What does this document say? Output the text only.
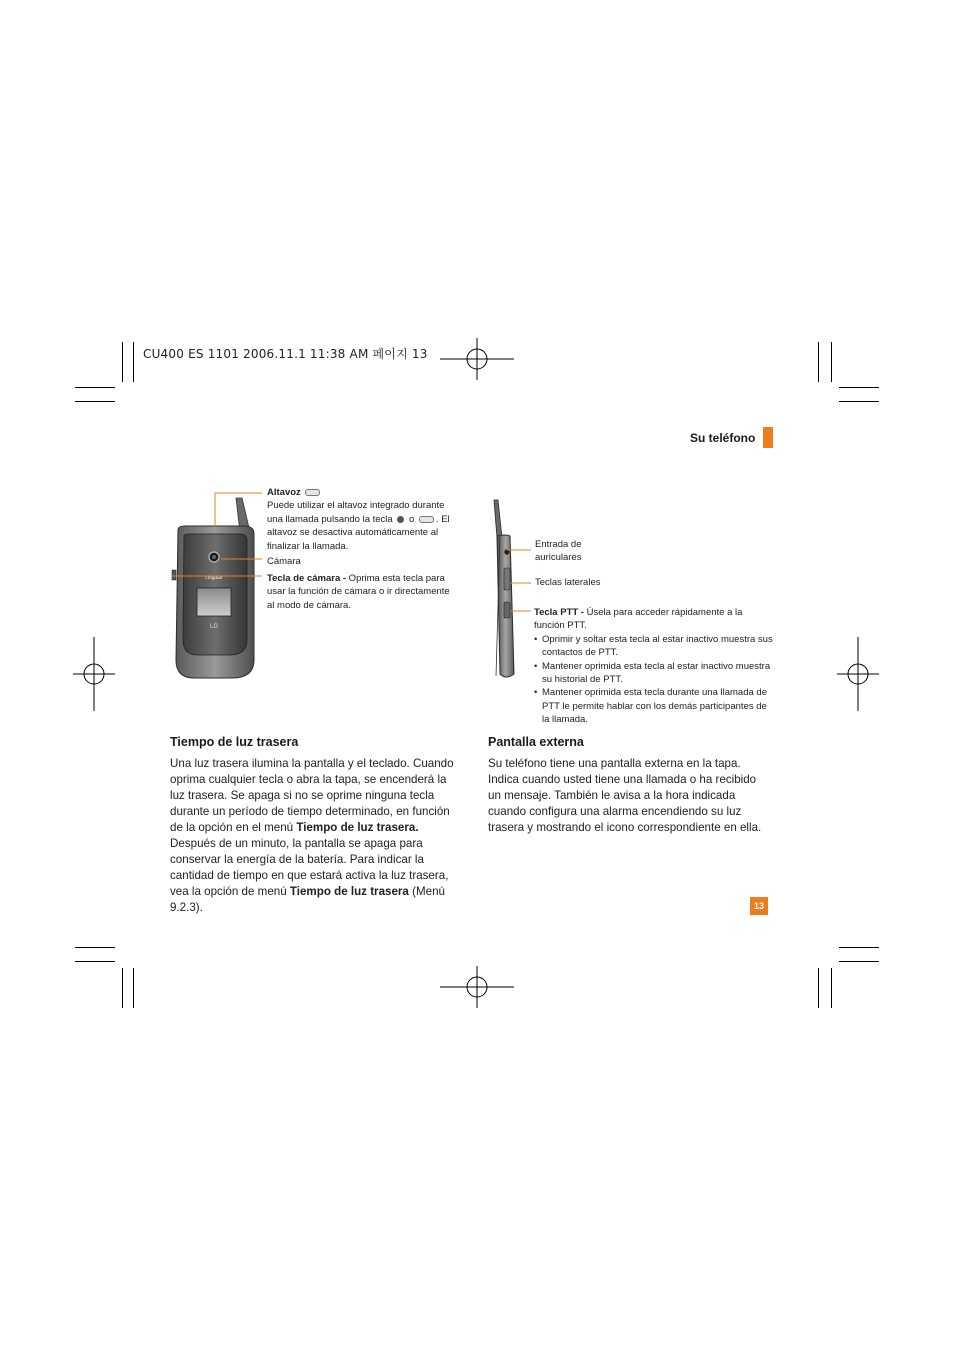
CU400 ES 1101 2006.11.1 11:38 AM 페이지 13
Su teléfono
cingular
LG
Altavoz
Puede utilizar el altavoz integrado durante una llamada pulsando la tecla o . El altavoz se desactiva automáticamente al finalizar la llamada.
Cámara
Tecla de cámara - Oprima esta tecla para usar la función de cámara o ir directamente al modo de cámara.
Entrada de
auriculares
Teclas laterales
Tecla PTT - Úsela para acceder rápidamente a la función PTT.
• Oprimir y soltar esta tecla al estar inactivo muestra sus contactos de PTT.
• Mantener oprimida esta tecla al estar inactivo muestra su historial de PTT.
• Mantener oprimida esta tecla durante una llamada de PTT le permite hablar con los demás participantes de la llamada.
Tiempo de luz trasera
Una luz trasera ilumina la pantalla y el teclado. Cuando oprima cualquier tecla o abra la tapa, se encenderá la luz trasera. Se apaga si no se oprime ninguna tecla durante un período de tiempo determinado, en función de la opción en el menú Tiempo de luz trasera. Después de un minuto, la pantalla se apaga para conservar la energía de la batería. Para indicar la cantidad de tiempo en que estará activa la luz trasera, vea la opción de menú Tiempo de luz trasera (Menú 9.2.3).
Pantalla externa
Su teléfono tiene una pantalla externa en la tapa. Indica cuando usted tiene una llamada o ha recibido un mensaje. También le avisa a la hora indicada cuando configura una alarma encendiendo su luz trasera y mostrando el icono correspondiente en ella.
13
